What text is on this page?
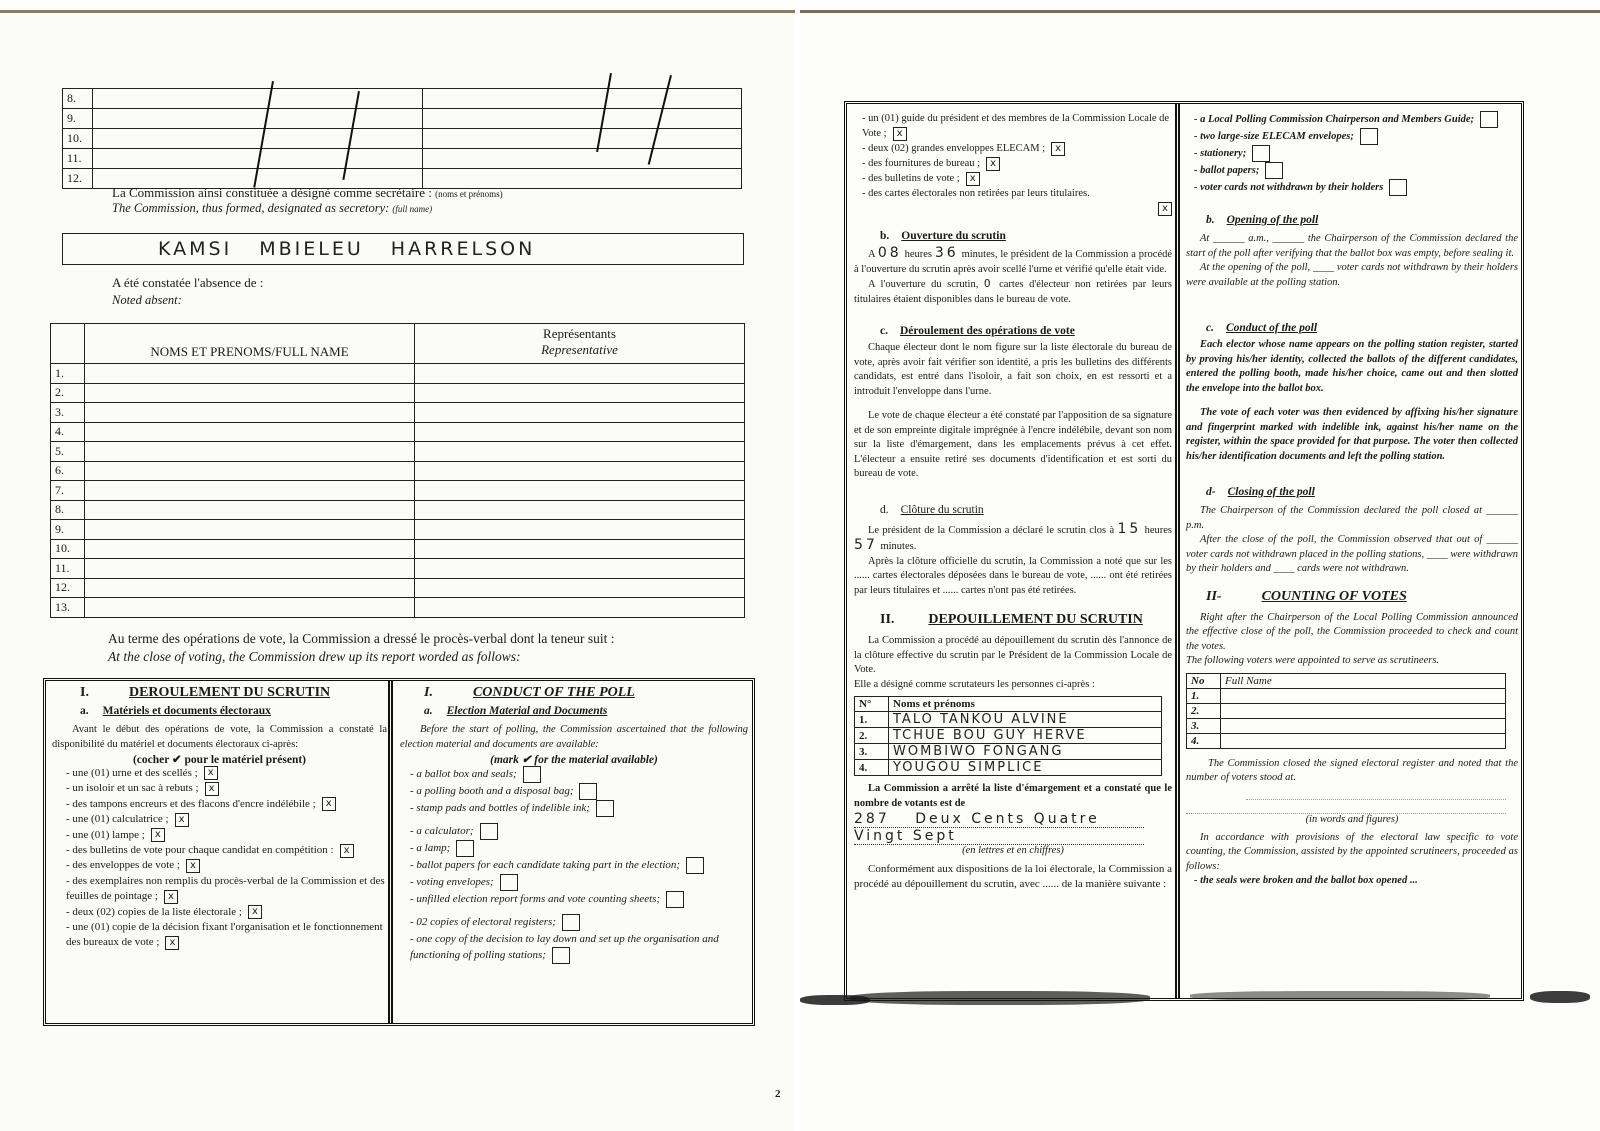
8.		
9.		
10.		
11.		
12.		
La Commission ainsi constituée a désigné comme secrétaire : (noms et prénoms)
The Commission, thus formed, designated as secretory: (full name)
KAMSI MBIELEU HARRELSON
A été constatée l'absence de :
Noted absent:
	NOMS ET PRENOMS/FULL NAME	Représentants
Representative

1.		
2.		
3.		
4.		
5.		
6.		
7.		
8.		
9.		
10.		
11.		
12.		
13.		
Au terme des opérations de vote, la Commission a dressé le procès-verbal dont la teneur suit :
At the close of voting, the Commission drew up its report worded as follows:
I.	DEROULEMENT DU SCRUTIN
a. Matériels et documents électoraux

Avant le début des opérations de vote, la Commission a constaté la disponibilité du matériel et documents électoraux ci-après:

(cocher ✔ pour le matériel présent)
- une (01) urne et des scellés ; x
- un isoloir et un sac à rebuts ; x
- des tampons encreurs et des flacons d'encre indélébile ; x
- une (01) calculatrice ; x
- une (01) lampe ; x
- des bulletins de vote pour chaque candidat en compétition : x
- des enveloppes de vote ; x
- des exemplaires non remplis du procès-verbal de la Commission et des feuilles de pointage ; x
- deux (02) copies de la liste électorale ; x
- une (01) copie de la décision fixant l'organisation et le fonctionnement des bureaux de vote ; x
I.	CONDUCT OF THE POLL
a. Election Material and Documents

Before the start of polling, the Commission ascertained that the following election material and documents are available:

(mark ✔ for the material available)
- a ballot box and seals;
- a polling booth and a disposal bag;
- stamp pads and bottles of indelible ink;
- a calculator;
- a lamp;
- ballot papers for each candidate taking part in the election;
- voting envelopes;
- unfilled election report forms and vote counting sheets;
- 02 copies of electoral registers;
- one copy of the decision to lay down and set up the organisation and functioning of polling stations;
2
- un (01) guide du président et des membres de la Commission Locale de Vote ; x
- deux (02) grandes enveloppes ELECAM ; x
- des fournitures de bureau ; x
- des bulletins de vote ; x
- des cartes électorales non retirées par leurs titulaires.
x
b. Ouverture du scrutin

A 08 heures 36 minutes, le président de la Commission a procédé à l'ouverture du scrutin après avoir scellé l'urne et vérifié qu'elle était vide.

A l'ouverture du scrutin, 0 cartes d'électeur non retirées par leurs titulaires étaient disponibles dans le bureau de vote.

c. Déroulement des opérations de vote

Chaque électeur dont le nom figure sur la liste électorale du bureau de vote, après avoir fait vérifier son identité, a pris les bulletins des différents candidats, est entré dans l'isoloir, a fait son choix, en est ressorti et a introduit l'enveloppe dans l'urne.

Le vote de chaque électeur a été constaté par l'apposition de sa signature et de son empreinte digitale imprégnée à l'encre indélébile, devant son nom sur la liste d'émargement, dans les emplacements prévus à cet effet. L'électeur a ensuite retiré ses documents d'identification et est sorti du bureau de vote.

d. Clôture du scrutin

Le président de la Commission a déclaré le scrutin clos à 15 heures 57 minutes.

Après la clôture officielle du scrutin, la Commission a noté que sur les ...... cartes électorales déposées dans le bureau de vote, ...... ont été retirées par leurs titulaires et ...... cartes n'ont pas été retirées.

II. DEPOUILLEMENT DU SCRUTIN

La Commission a procédé au dépouillement du scrutin dès l'annonce de la clôture effective du scrutin par le Président de la Commission Locale de Vote.

Elle a désigné comme scrutateurs les personnes ci-après :

N°	Noms et prénoms
1.	TALO TANKOU ALVINE
2.	TCHUE BOU GUY HERVE
3.	WOMBIWO FONGANG
4.	YOUGOU SIMPLICE

La Commission a arrêté la liste d'émargement et a constaté que le nombre de votants est de

287 Deux Cents Quatre
Vingt Sept
(en lettres et en chiffres)

Conformément aux dispositions de la loi électorale, la Commission a procédé au dépouillement du scrutin, avec ...... de la manière suivante :

- a Local Polling Commission Chairperson and Members Guide;
- two large-size ELECAM envelopes;
- stationery;
- ballot papers;
- voter cards not withdrawn by their holders
b. Opening of the poll

At ______ a.m., ______ the Chairperson of the Commission declared the start of the poll after verifying that the ballot box was empty, before sealing it.

At the opening of the poll, ____ voter cards not withdrawn by their holders were available at the polling station.

c. Conduct of the poll

Each elector whose name appears on the polling station register, started by proving his/her identity, collected the ballots of the different candidates, entered the polling booth, made his/her choice, came out and then slotted the envelope into the ballot box.

The vote of each voter was then evidenced by affixing his/her signature and fingerprint marked with indelible ink, against his/her name on the register, within the space provided for that purpose. The voter then collected his/her identification documents and left the polling station.

d- Closing of the poll

The Chairperson of the Commission declared the poll closed at ______ p.m.

After the close of the poll, the Commission observed that out of ______ voter cards not withdrawn placed in the polling stations, ____ were withdrawn by their holders and ____ cards were not withdrawn.

II-	COUNTING OF VOTES

Right after the Chairperson of the Local Polling Commission announced the effective close of the poll, the Commission proceeded to check and count the votes.

The following voters were appointed to serve as scrutineers.

No	Full Name
1.	
2.	
3.	
4.	

The Commission closed the signed electoral register and noted that the number of voters stood at.

(in words and figures)

In accordance with provisions of the electoral law specific to vote counting, the Commission, assisted by the appointed scrutineers, proceeded as follows:

- the seals were broken and the ballot box opened ...
